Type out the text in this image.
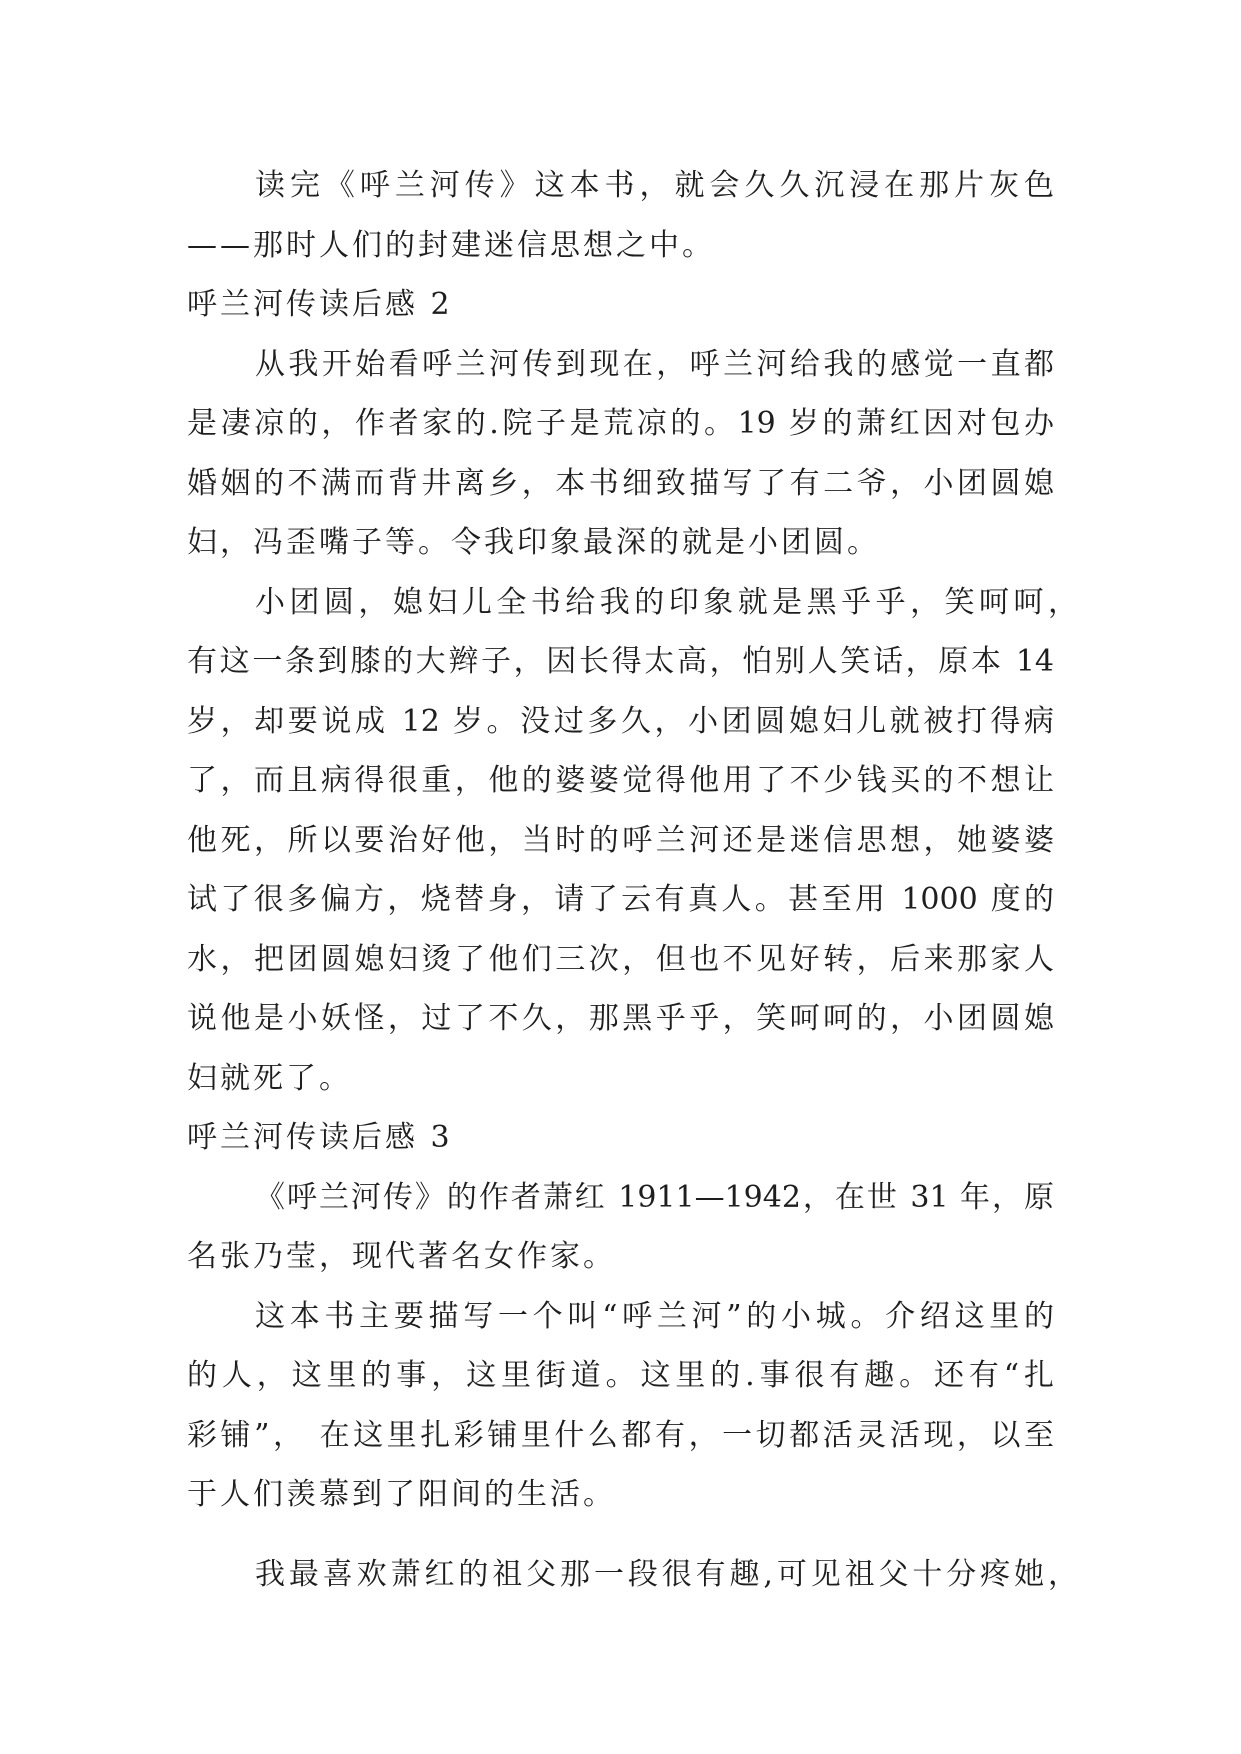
读完《呼兰河传》这本书，就会久久沉浸在那片灰色
——那时人们的封建迷信思想之中。
呼兰河传读后感 2
从我开始看呼兰河传到现在，呼兰河给我的感觉一直都
是凄凉的，作者家的.院子是荒凉的。19 岁的萧红因对包办
婚姻的不满而背井离乡，本书细致描写了有二爷，小团圆媳
妇，冯歪嘴子等。令我印象最深的就是小团圆。
小团圆，媳妇儿全书给我的印象就是黑乎乎，笑呵呵，
有这一条到膝的大辫子，因长得太高，怕别人笑话，原本 14
岁，却要说成 12 岁。没过多久，小团圆媳妇儿就被打得病
了，而且病得很重，他的婆婆觉得他用了不少钱买的不想让
他死，所以要治好他，当时的呼兰河还是迷信思想，她婆婆
试了很多偏方，烧替身，请了云有真人。甚至用 1000 度的
水，把团圆媳妇烫了他们三次，但也不见好转，后来那家人
说他是小妖怪，过了不久，那黑乎乎，笑呵呵的，小团圆媳
妇就死了。
呼兰河传读后感 3
《呼兰河传》的作者萧红 1911—1942，在世 31 年，原
名张乃莹，现代著名女作家。
这本书主要描写一个叫“呼兰河”的小城。介绍这里的
的人，这里的事，这里街道。这里的.事很有趣。还有“扎
彩铺”， 在这里扎彩铺里什么都有，一切都活灵活现，以至
于人们羡慕到了阳间的生活。
我最喜欢萧红的祖父那一段很有趣,可见祖父十分疼她，
